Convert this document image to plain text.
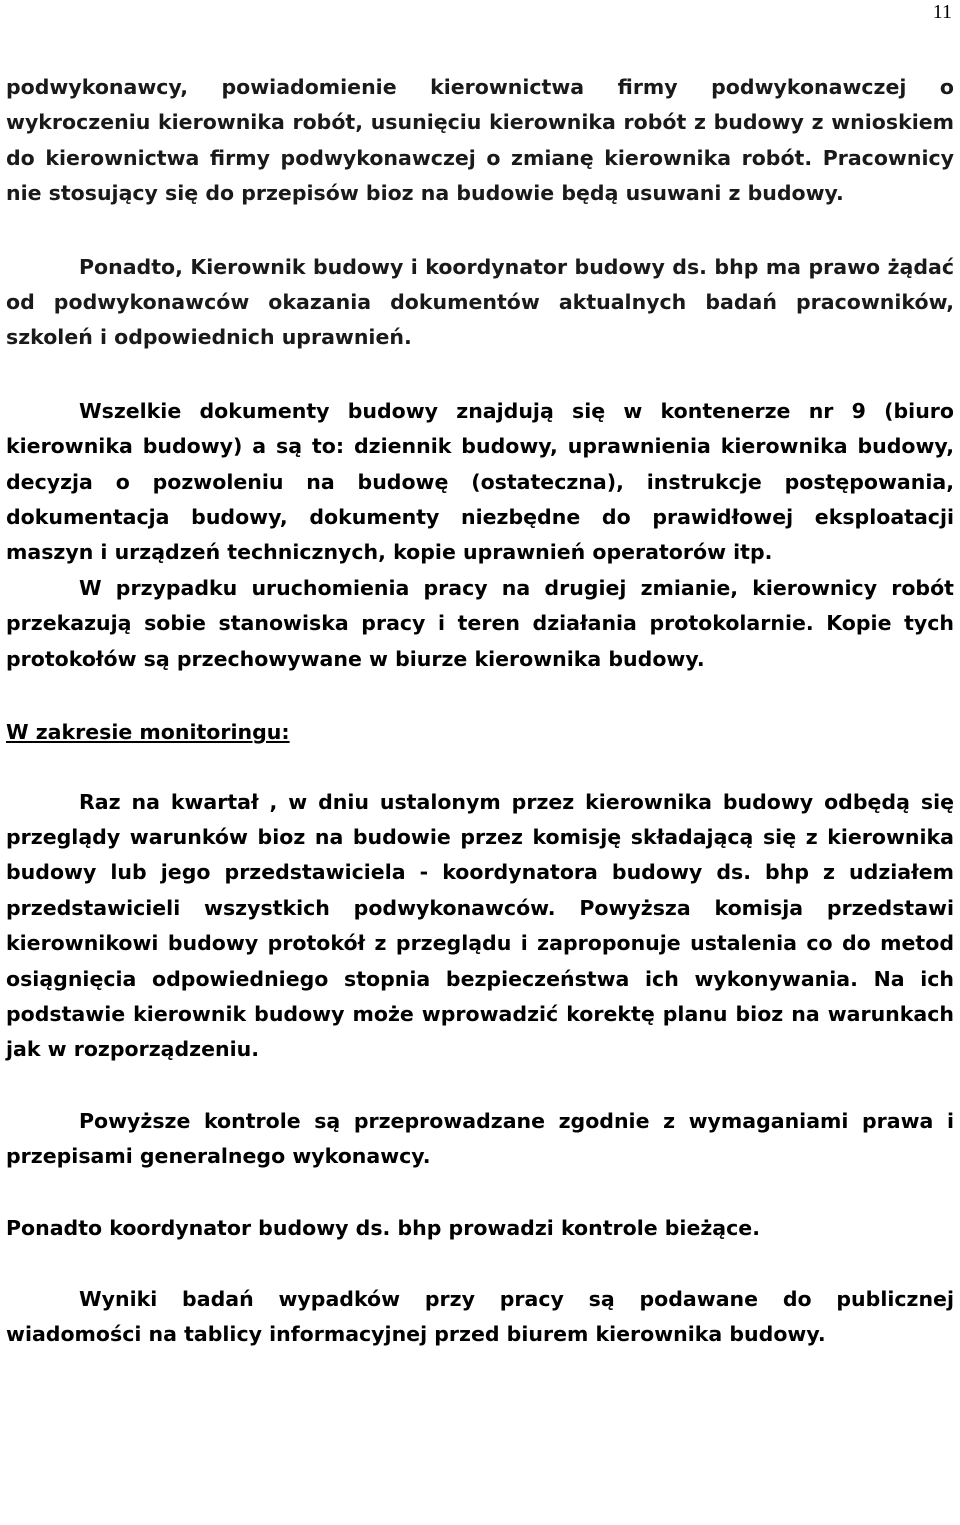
11

podwykonawcy, powiadomienie kierownictwa firmy podwykonawczej o wykroczeniu kierownika robót, usunięciu kierownika robót z budowy z wnioskiem do kierownictwa firmy podwykonawczej o zmianę kierownika robót. Pracownicy nie stosujący się do przepisów bioz na budowie będą usuwani z budowy.

Ponadto, Kierownik budowy i koordynator budowy ds. bhp ma prawo żądać od podwykonawców okazania dokumentów aktualnych badań pracowników, szkoleń i odpowiednich uprawnień.

Wszelkie dokumenty budowy znajdują się w kontenerze nr 9 (biuro kierownika budowy) a są to: dziennik budowy, uprawnienia kierownika budowy, decyzja o pozwoleniu na budowę (ostateczna), instrukcje postępowania, dokumentacja budowy, dokumenty niezbędne do prawidłowej eksploatacji maszyn i urządzeń technicznych, kopie uprawnień operatorów itp.

W przypadku uruchomienia pracy na drugiej zmianie, kierownicy robót przekazują sobie stanowiska pracy i teren działania protokolarnie. Kopie tych protokołów są przechowywane w biurze kierownika budowy.

W zakresie monitoringu:

Raz na kwartał , w dniu ustalonym przez kierownika budowy odbędą się przeglądy warunków bioz na budowie przez komisję składającą się z kierownika budowy lub jego przedstawiciela - koordynatora budowy ds. bhp z udziałem przedstawicieli wszystkich podwykonawców. Powyższa komisja przedstawi kierownikowi budowy protokół z przeglądu i zaproponuje ustalenia co do metod osiągnięcia odpowiedniego stopnia bezpieczeństwa ich wykonywania. Na ich podstawie kierownik budowy może wprowadzić korektę planu bioz na warunkach jak w rozporządzeniu.

Powyższe kontrole są przeprowadzane zgodnie z wymaganiami prawa i przepisami generalnego wykonawcy.

Ponadto koordynator budowy ds. bhp prowadzi kontrole bieżące.

Wyniki badań wypadków przy pracy są podawane do publicznej wiadomości na tablicy informacyjnej przed biurem kierownika budowy.
